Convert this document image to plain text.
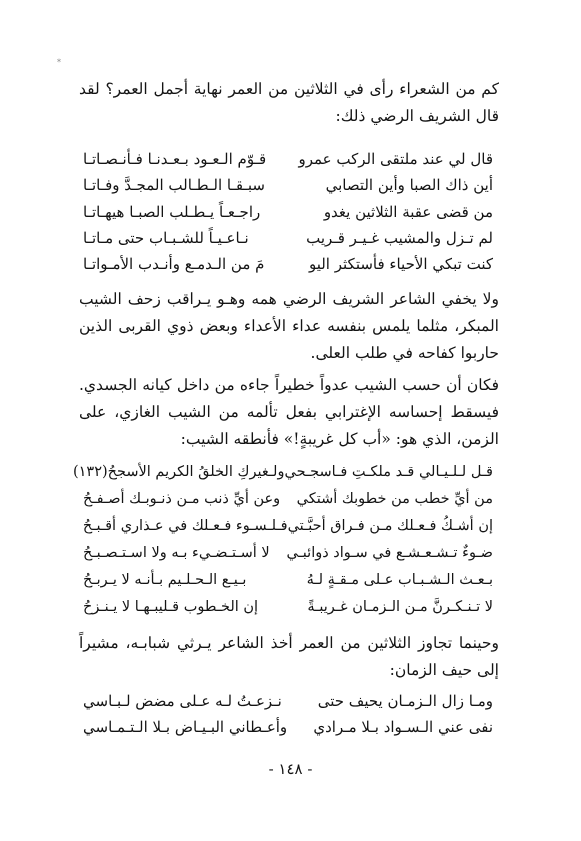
*

كم من الشعراء رأى في الثلاثين من العمر نهاية أجمل العمر؟ لقد قال الشريف الرضي ذلك:

قال لي عند ملتقى الركب عمرو
قـوّم الـعـود بـعـدنـا فـأنـصـاتـا
أين ذاك الصبا وأين التصابي
سبـقـا الـطـالب المجـدَّ وفـاتـا
من قضى عقبة الثلاثين يغدو
راجـعـاً يـطـلب الصبـا هيهـاتـا
لم تـزل والمشيب غـيـر قـريب
نـاعـيـاً للشـبـاب حتى مـاتـا
كنت تبكي الأحياء فأستكثر اليو
مَ من الـدمـع وأنـدب الأمـواتـا

ولا يخفي الشاعر الشريف الرضي همه وهـو يـراقب زحف الشيب المبكر، مثلما يلمس بنفسه عداء الأعداء وبعض ذوي القربى الذين حاربوا كفاحه في طلب العلى.

فكان أن حسب الشيب عدواً خطيراً جاءه من داخل كيانه الجسدي. فيسقط إحساسه الإغترابي بفعل تألمه من الشيب الغازي، على الزمن، الذي هو: «أب كل غريبةٍ!» فأنطقه الشيب:

قـل لـلـيـالي قـد ملكـتِ فـاسجـحي
ولـغيركِ الخلقُ الكريم الأسجحُ(١٣٢)
من أيِّ خطب من خطوبك أشتكي
وعن أيِّ ذنب مـن ذنـوبـك أصـفـحُ
إن أشـكُ فـعـلك مـن فـراق أحبَّـتي
فـلـسـوء فـعـلك في عـذاري أقـبـحُ
ضـوءٌ تـشـعـشـع في سـواد ذوائبـي
لا أسـتـضـيء بـه ولا اسـتـصـبـحُ
بـعـث الـشـبـاب عـلى مـقـةٍ لـهُ
بـيـع الـحـلـيم بـأنـه لا يـربـحُ
لا تـنـكـرنَّ مـن الـزمـان غـريبـةً
إن الخـطوب قـليبـهـا لا يـنـزحُ

وحينما تجاوز الثلاثين من العمر أخذ الشاعر يـرثي شبابـه، مشيراً إلى حيف الزمان:

ومـا زال الـزمـان يحيف حتى
نـزعـتُ لـه عـلى مضض لـبـاسي
نفى عني الـسـواد بـلا مـرادي
وأعـطاني البـيـاض بـلا الـتـمـاسي
- ١٤٨ -
